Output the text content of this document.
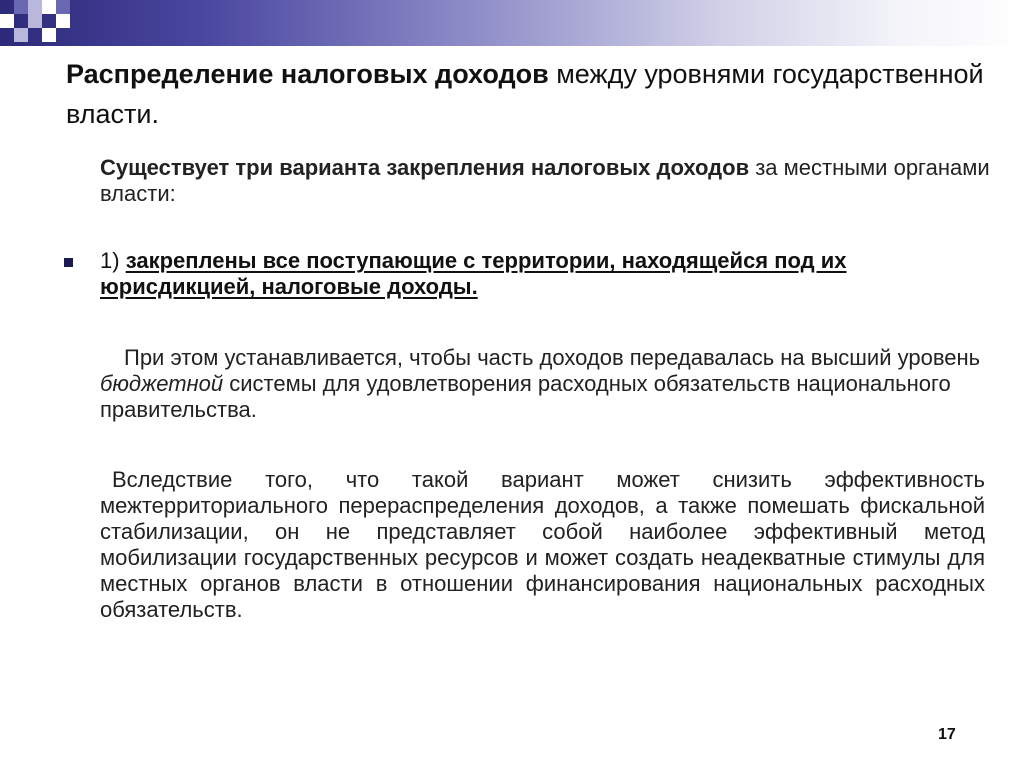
Распределение налоговых доходов между уровнями государственной власти.
Существует три варианта закрепления налоговых доходов за местными органами власти:
1) закреплены все поступающие с территории, находящейся под их юрисдикцией, налоговые доходы.
При этом устанавливается, чтобы часть доходов передавалась на высший уровень бюджетной системы для удовлетворения расходных обязательств национального правительства.
Вследствие того, что такой вариант может снизить эффективность межтерриториального перераспределения доходов, а также помешать фискальной стабилизации, он не представляет собой наиболее эффективный метод мобилизации государственных ресурсов и может создать неадекватные стимулы для местных органов власти в отношении финансирования национальных расходных обязательств.
17
